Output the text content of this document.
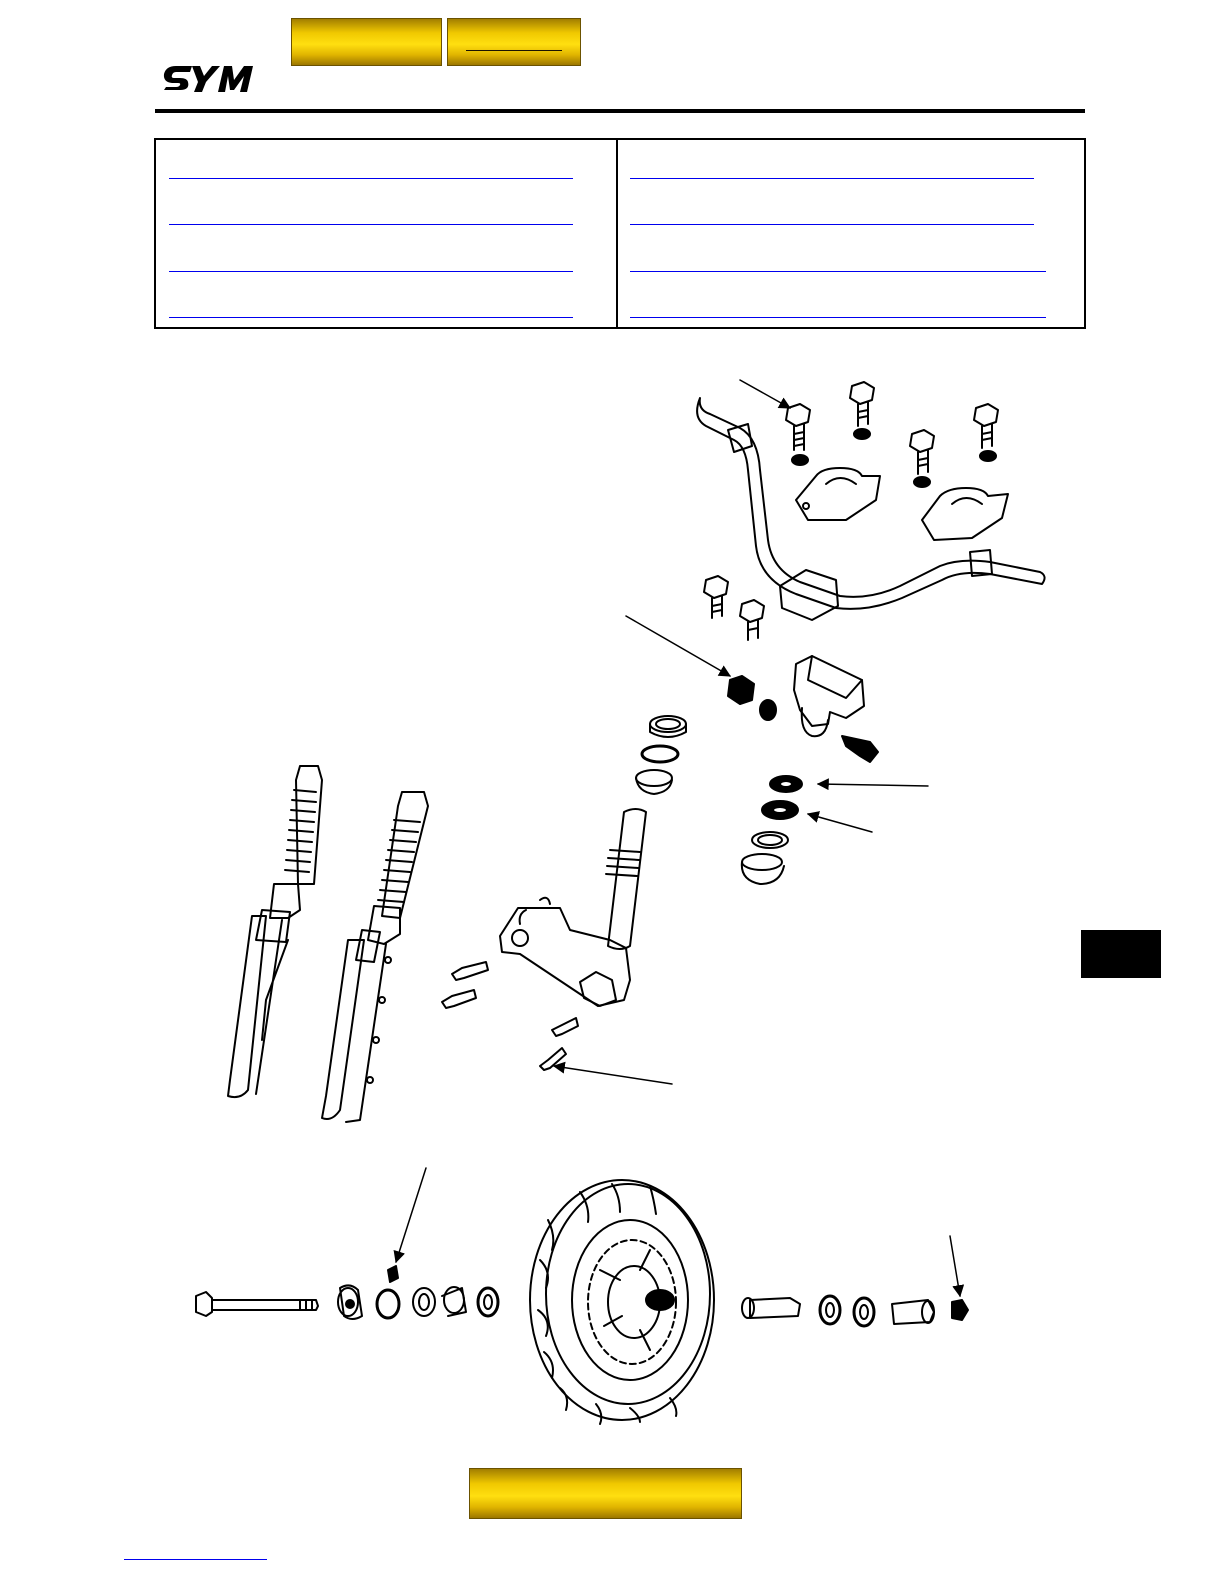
SYM
